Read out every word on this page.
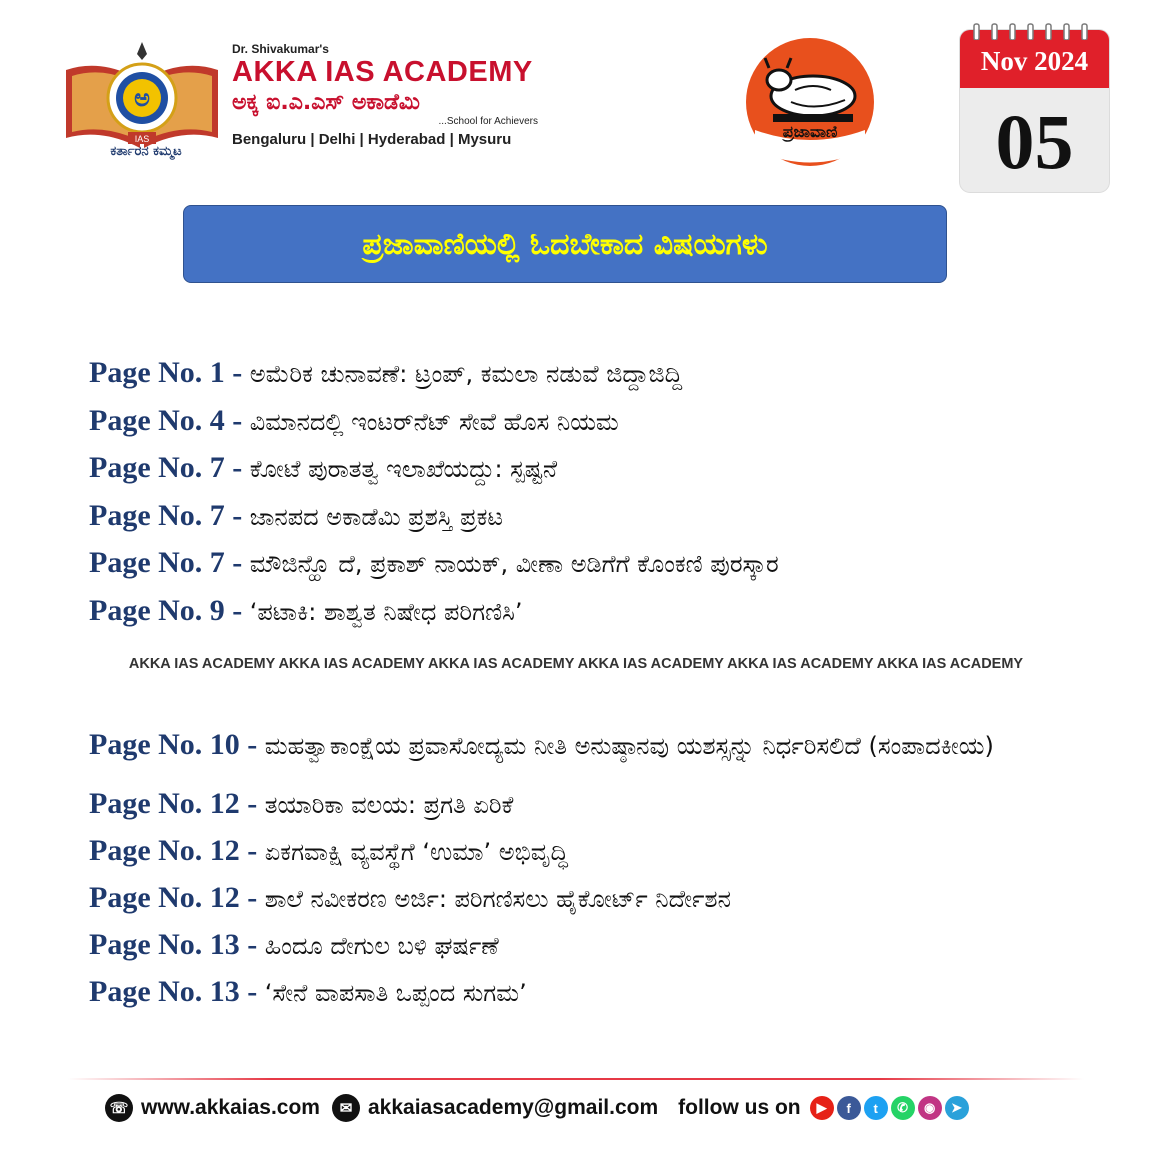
ಅ
IAS
ಕರ್ತಾರನ ಕಮ್ಮಟ
Dr. Shivakumar's
AKKA IAS ACADEMY
ಅಕ್ಕ ಐ.ಎ.ಎಸ್ ಅಕಾಡೆಮಿ
...School for Achievers
Bengaluru | Delhi | Hyderabad | Mysuru	ಪ್ರಜಾವಾಣಿ
Nov 2024
05
ಪ್ರಜಾವಾಣಿಯಲ್ಲಿ ಓದಬೇಕಾದ ವಿಷಯಗಳು
Page No. 1 - ಅಮೆರಿಕ ಚುನಾವಣೆ: ಟ್ರಂಪ್, ಕಮಲಾ ನಡುವೆ ಜಿದ್ದಾಜಿದ್ದಿ
Page No. 4 - ವಿಮಾನದಲ್ಲಿ ಇಂಟರ್‌ನೆಟ್ ಸೇವೆ ಹೊಸ ನಿಯಮ
Page No. 7 - ಕೋಟೆ ಪುರಾತತ್ವ ಇಲಾಖೆಯದ್ದು: ಸ್ಪಷ್ಟನೆ
Page No. 7 - ಜಾನಪದ ಅಕಾಡೆಮಿ ಪ್ರಶಸ್ತಿ ಪ್ರಕಟ
Page No. 7 - ಮೌಜಿನ್ಹೊ ದೆ, ಪ್ರಕಾಶ್ ನಾಯಕ್, ವೀಣಾ ಅಡಿಗೆಗೆ ಕೊಂಕಣಿ ಪುರಸ್ಕಾರ
Page No. 9 - ‘ಪಟಾಕಿ: ಶಾಶ್ವತ ನಿಷೇಧ ಪರಿಗಣಿಸಿ’
AKKA IAS ACADEMY AKKA IAS ACADEMY AKKA IAS ACADEMY AKKA IAS ACADEMY AKKA IAS ACADEMY AKKA IAS ACADEMY
Page No. 10 - ಮಹತ್ವಾಕಾಂಕ್ಷೆಯ ಪ್ರವಾಸೋದ್ಯಮ ನೀತಿ ಅನುಷ್ಠಾನವು ಯಶಸ್ಸನ್ನು ನಿರ್ಧರಿಸಲಿದೆ (ಸಂಪಾದಕೀಯ)
Page No. 12 - ತಯಾರಿಕಾ ವಲಯ: ಪ್ರಗತಿ ಏರಿಕೆ
Page No. 12 - ಏಕಗವಾಕ್ಷಿ ವ್ಯವಸ್ಥೆಗೆ ‘ಉಮಾ’ ಅಭಿವೃದ್ಧಿ
Page No. 12 - ಶಾಲೆ ನವೀಕರಣ ಅರ್ಜಿ: ಪರಿಗಣಿಸಲು ಹೈಕೋರ್ಟ್ ನಿರ್ದೇಶನ
Page No. 13 - ಹಿಂದೂ ದೇಗುಲ ಬಳಿ ಘರ್ಷಣೆ
Page No. 13 - ‘ಸೇನೆ ವಾಪಸಾತಿ ಒಪ್ಪಂದ ಸುಗಮ’
☏ www.akkaias.com	✉ akkaiasacademy@gmail.com follow us on	▶	f	t	✆	◉	➤
